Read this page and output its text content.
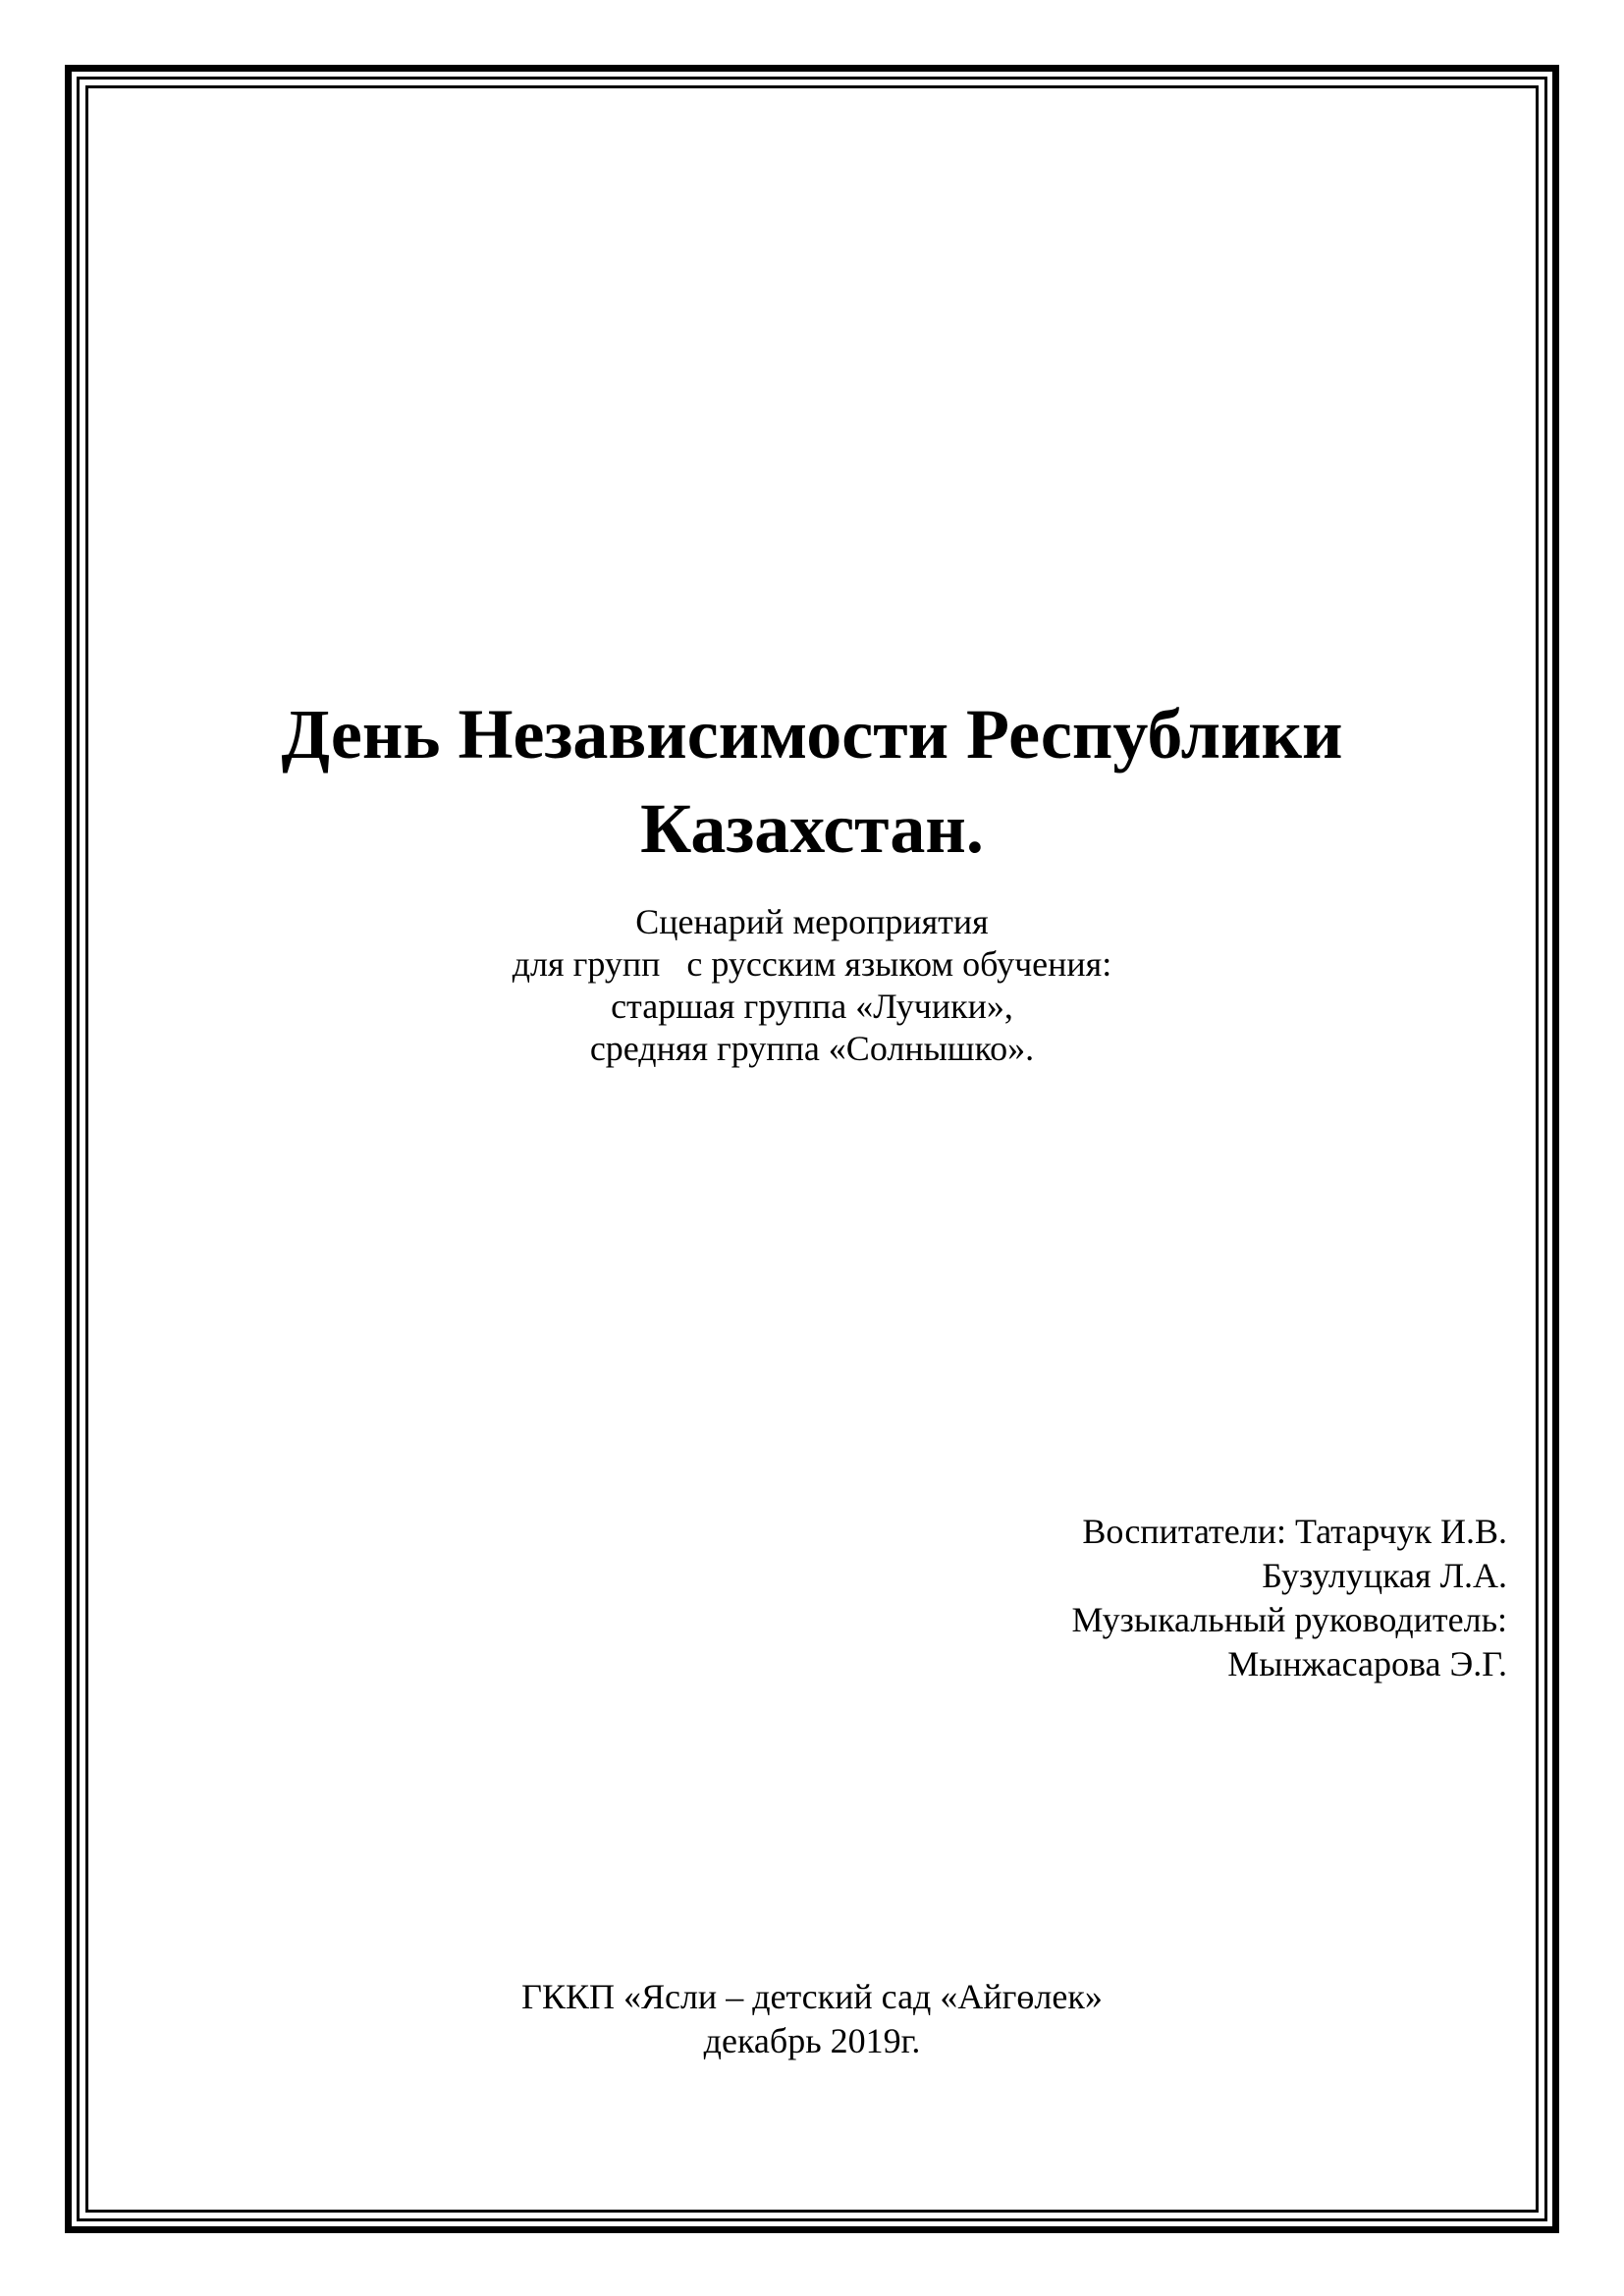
День Независимости Республики
Казахстан.
Сценарий мероприятия
для групп   с русским языком обучения:
старшая группа «Лучики»,
средняя группа «Солнышко».
Воспитатели: Татарчук И.В.
Бузулуцкая Л.А.
Музыкальный руководитель:
Мынжасарова Э.Г.
ГККП «Ясли – детский сад «Айгөлек»
декабрь 2019г.
